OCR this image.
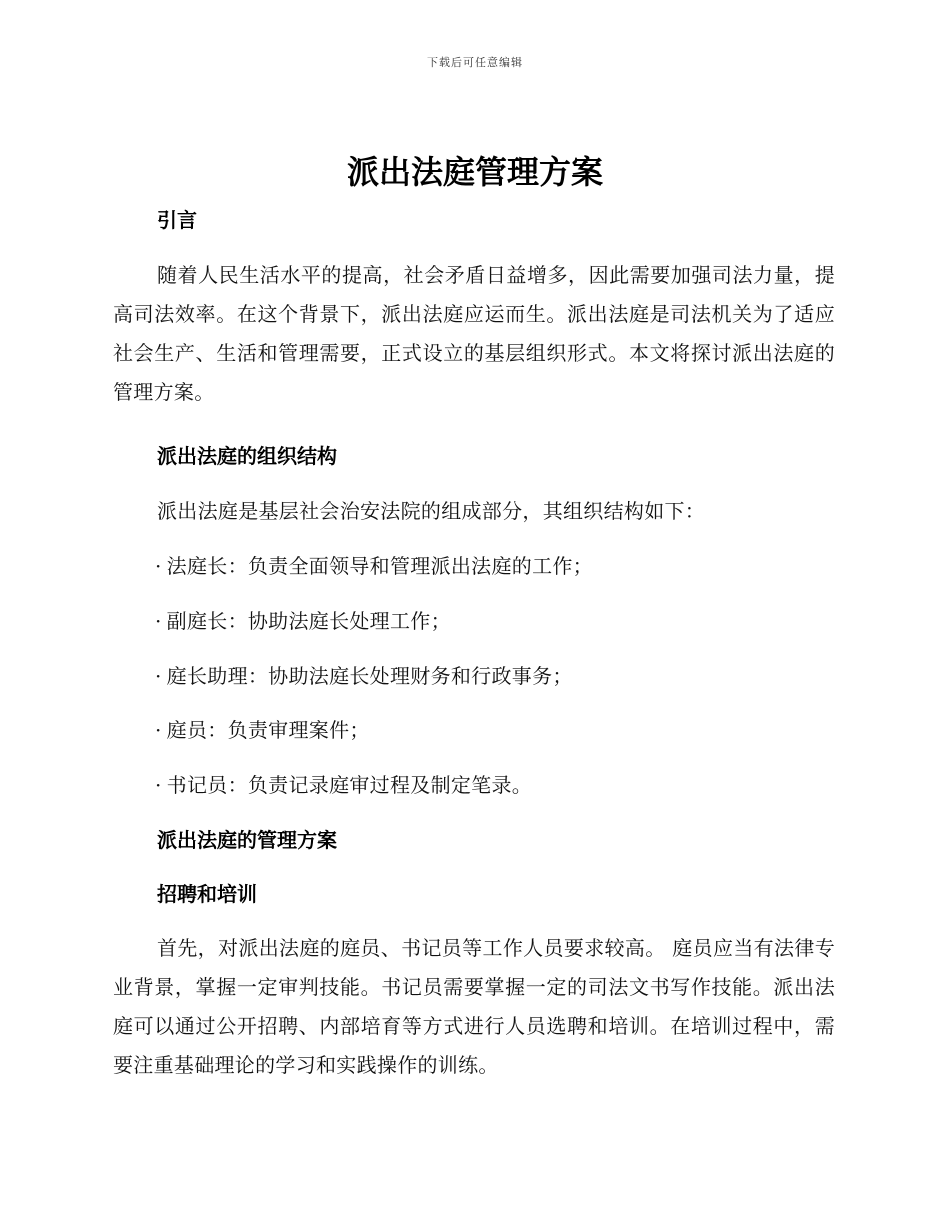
下载后可任意编辑
派出法庭管理方案
引言

随着人民生活水平的提高，社会矛盾日益增多，因此需要加强司法力量，提高司法效率。在这个背景下，派出法庭应运而生。派出法庭是司法机关为了适应社会生产、生活和管理需要，正式设立的基层组织形式。本文将探讨派出法庭的管理方案。

派出法庭的组织结构

派出法庭是基层社会治安法院的组成部分，其组织结构如下：

· 法庭长：负责全面领导和管理派出法庭的工作；

· 副庭长：协助法庭长处理工作；

· 庭长助理：协助法庭长处理财务和行政事务；

· 庭员：负责审理案件；

· 书记员：负责记录庭审过程及制定笔录。

派出法庭的管理方案
招聘和培训

首先，对派出法庭的庭员、书记员等工作人员要求较高。 庭员应当有法律专业背景，掌握一定审判技能。书记员需要掌握一定的司法文书写作技能。派出法庭可以通过公开招聘、内部培育等方式进行人员选聘和培训。在培训过程中，需要注重基础理论的学习和实践操作的训练。
